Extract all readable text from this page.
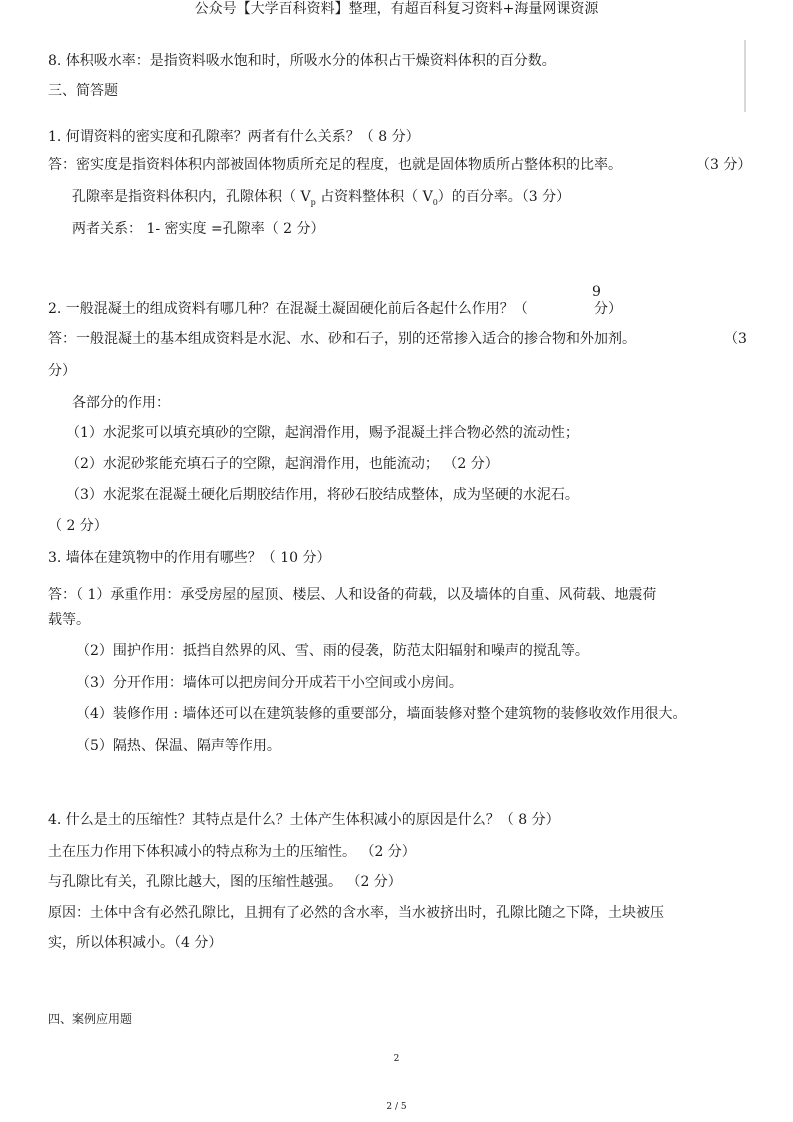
公众号【大学百科资料】整理，有超百科复习资料+海量网课资源
8. 体积吸水率：是指资料吸水饱和时，所吸水分的体积占干燥资料体积的百分数。
三、简答题
1. 何谓资料的密实度和孔隙率？两者有什么关系？（ 8 分）
答：密实度是指资料体积内部被固体物质所充足的程度，也就是固体物质所占整体积的比率。	（3 分）
孔隙率是指资料体积内，孔隙体积（ $V_p$ 占资料整体积（ $V_0$）的百分率。（3 分）
两者关系： 1- 密实度 =孔隙率（ 2 分）
9
2. 一般混凝土的组成资料有哪几种？在混凝土凝固硬化前后各起什么作用？（	分）
答：一般混凝土的基本组成资料是水泥、水、砂和石子，别的还常掺入适合的掺合物和外加剂。	（3
分）
各部分的作用：
（1）水泥浆可以填充填砂的空隙，起润滑作用，赐予混凝土拌合物必然的流动性；
（2）水泥砂浆能充填石子的空隙，起润滑作用，也能流动； （2 分）
（3）水泥浆在混凝土硬化后期胶结作用，将砂石胶结成整体，成为坚硬的水泥石。
（ 2 分）
3. 墙体在建筑物中的作用有哪些？（ 10 分）
答：（ 1）承重作用：承受房屋的屋顶、楼层、人和设备的荷载，以及墙体的自重、风荷载、地震荷
载等。
（2）围护作用：抵挡自然界的风、雪、雨的侵袭，防范太阳辐射和噪声的搅乱等。
（3）分开作用：墙体可以把房间分开成若干小空间或小房间。
（4）装修作用 : 墙体还可以在建筑装修的重要部分，墙面装修对整个建筑物的装修收效作用很大。
（5）隔热、保温、隔声等作用。
4. 什么是土的压缩性？其特点是什么？土体产生体积减小的原因是什么？（ 8 分）
土在压力作用下体积减小的特点称为土的压缩性。 （2 分）
与孔隙比有关，孔隙比越大，图的压缩性越强。 （2 分）
原因：土体中含有必然孔隙比，且拥有了必然的含水率，当水被挤出时，孔隙比随之下降，土块被压
实，所以体积减小。（4 分）
四、案例应用题
2
2 / 5
